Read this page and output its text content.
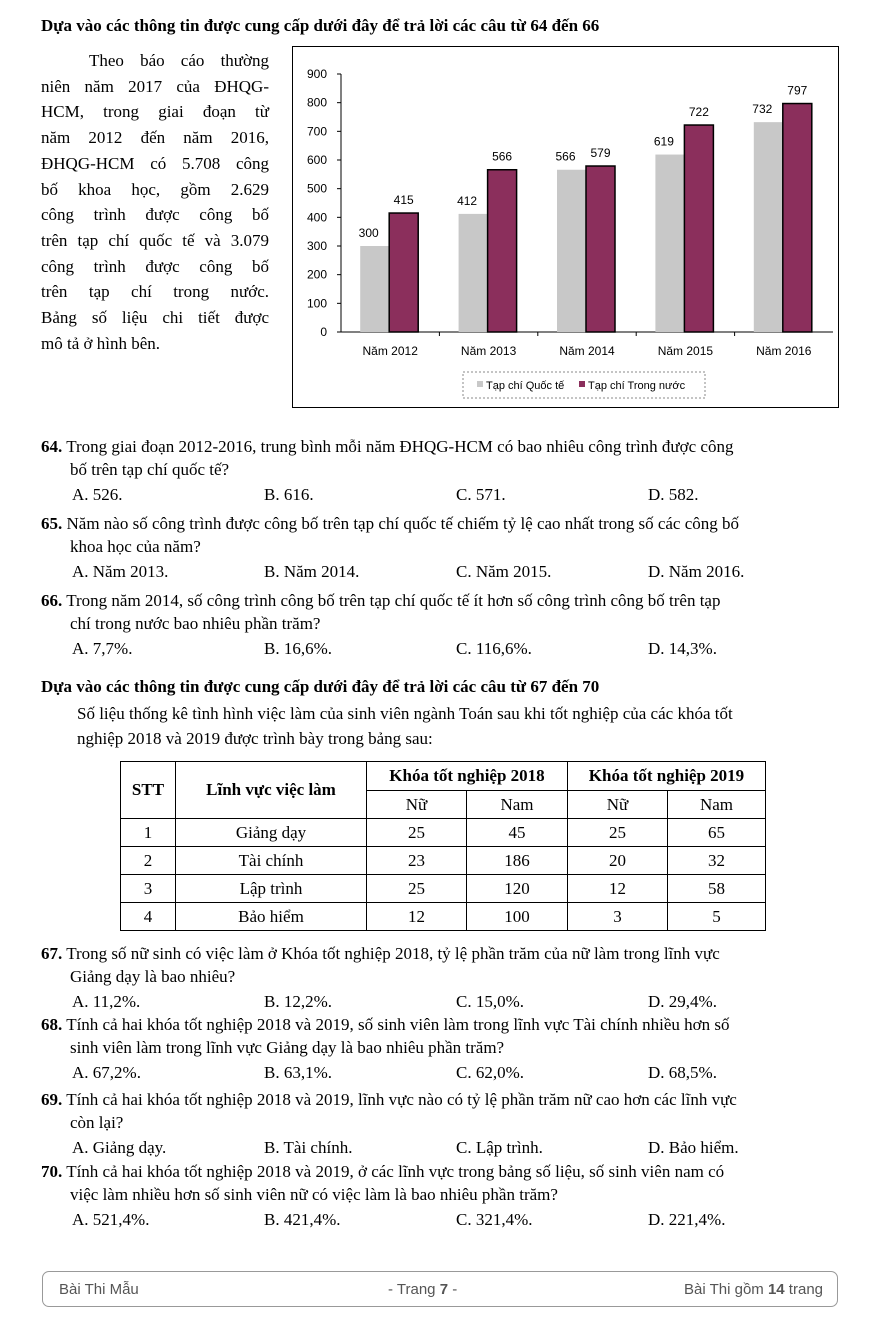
Dựa vào các thông tin được cung cấp dưới đây để trả lời các câu từ 64 đến 66
Theo báo cáo thường
niên năm 2017 của ĐHQG-
HCM, trong giai đoạn từ
năm 2012 đến năm 2016,
ĐHQG-HCM có 5.708 công
bố khoa học, gồm 2.629
công trình được công bố
trên tạp chí quốc tế và 3.079
công trình được công bố
trên tạp chí trong nước.
Bảng số liệu chi tiết được
mô tả ở hình bên.
0
100
200
300
400
500
600
700
800
900
Năm 2012
300
415
Năm 2013
412
566
Năm 2014
566 579
Năm 2015
619
722
Năm 2016
732
797
Tạp chí Quốc tế Tạp chí Trong nước
64. Trong giai đoạn 2012-2016, trung bình mỗi năm ĐHQG-HCM có bao nhiêu công trình được công
bố trên tạp chí quốc tế?
A. 526.	B. 616.	C. 571.	D. 582.
65. Năm nào số công trình được công bố trên tạp chí quốc tế chiếm tỷ lệ cao nhất trong số các công bố
khoa học của năm?
A. Năm 2013.	B. Năm 2014.	C. Năm 2015.	D. Năm 2016.
66. Trong năm 2014, số công trình công bố trên tạp chí quốc tế ít hơn số công trình công bố trên tạp
chí trong nước bao nhiêu phần trăm?
A. 7,7%.	B. 16,6%.	C. 116,6%.	D. 14,3%.
Dựa vào các thông tin được cung cấp dưới đây để trả lời các câu từ 67 đến 70
Số liệu thống kê tình hình việc làm của sinh viên ngành Toán sau khi tốt nghiệp của các khóa tốt
nghiệp 2018 và 2019 được trình bày trong bảng sau:
STT	Lĩnh vực việc làm	Khóa tốt nghiệp 2018		Khóa tốt nghiệp 2019	
		Nữ	Nam	Nữ	Nam
1	Giảng dạy	25	45	25	65
2	Tài chính	23	186	20	32
3	Lập trình	25	120	12	58
4	Bảo hiểm	12	100	3	5
67. Trong số nữ sinh có việc làm ở Khóa tốt nghiệp 2018, tỷ lệ phần trăm của nữ làm trong lĩnh vực
Giảng dạy là bao nhiêu?
A. 11,2%.	B. 12,2%.	C. 15,0%.	D. 29,4%.
68. Tính cả hai khóa tốt nghiệp 2018 và 2019, số sinh viên làm trong lĩnh vực Tài chính nhiều hơn số
sinh viên làm trong lĩnh vực Giảng dạy là bao nhiêu phần trăm?
A. 67,2%.	B. 63,1%.	C. 62,0%.	D. 68,5%.
69. Tính cả hai khóa tốt nghiệp 2018 và 2019, lĩnh vực nào có tỷ lệ phần trăm nữ cao hơn các lĩnh vực
còn lại?
A. Giảng dạy.	B. Tài chính.	C. Lập trình.	D. Bảo hiểm.
70. Tính cả hai khóa tốt nghiệp 2018 và 2019, ở các lĩnh vực trong bảng số liệu, số sinh viên nam có
việc làm nhiều hơn số sinh viên nữ có việc làm là bao nhiêu phần trăm?
A. 521,4%.	B. 421,4%.	C. 321,4%.	D. 221,4%.
Bài Thi Mẫu	- Trang 7 -	Bài Thi gồm 14 trang
